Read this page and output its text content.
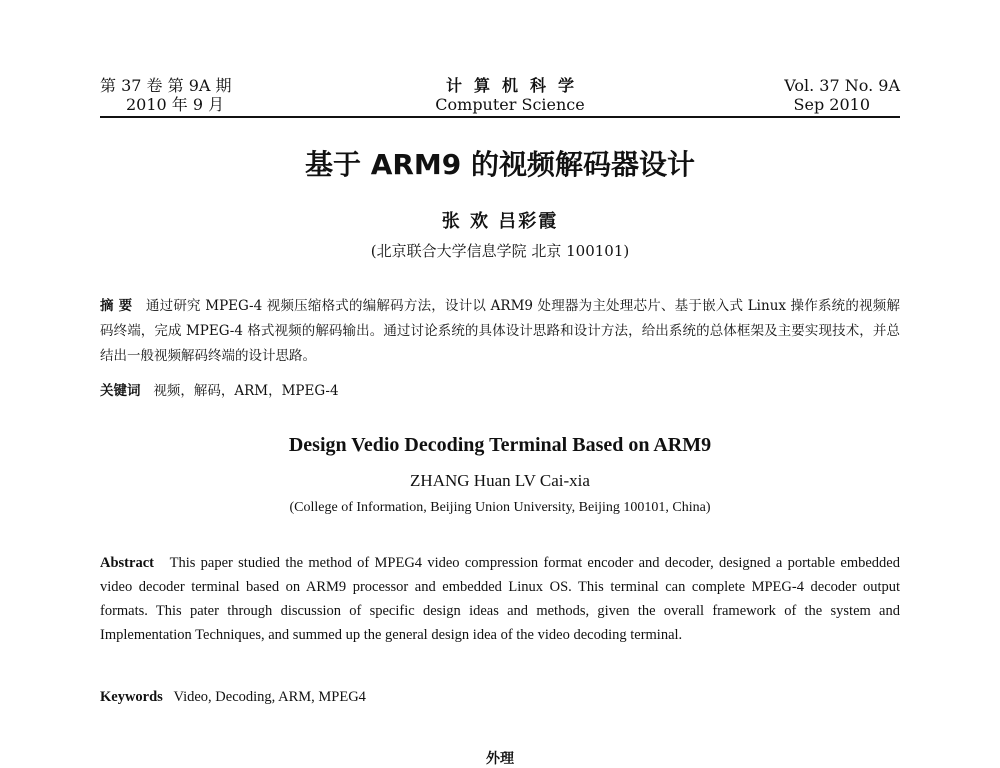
第 37 卷 第 9A 期
2010 年 9 月
计算机科学
Computer Science
Vol. 37 No. 9A
Sep 2010
基于 ARM9 的视频解码器设计
张 欢 吕彩霞
(北京联合大学信息学院 北京 100101)
摘 要 通过研究 MPEG-4 视频压缩格式的编解码方法，设计以 ARM9 处理器为主处理芯片、基于嵌入式 Linux 操作系统的视频解码终端，完成 MPEG-4 格式视频的解码输出。通过讨论系统的具体设计思路和设计方法，给出系统的总体框架及主要实现技术，并总结出一般视频解码终端的设计思路。
关键词 视频，解码，ARM，MPEG-4
Design Vedio Decoding Terminal Based on ARM9
ZHANG Huan LV Cai-xia
(College of Information, Beijing Union University, Beijing 100101, China)
Abstract This paper studied the method of MPEG4 video compression format encoder and decoder, designed a portable embedded video decoder terminal based on ARM9 processor and embedded Linux OS. This terminal can complete MPEG-4 decoder output formats. This pater through discussion of specific design ideas and methods, given the overall framework of the system and Implementation Techniques, and summed up the general design idea of the video decoding terminal.
Keywords Video, Decoding, ARM, MPEG4
外理
